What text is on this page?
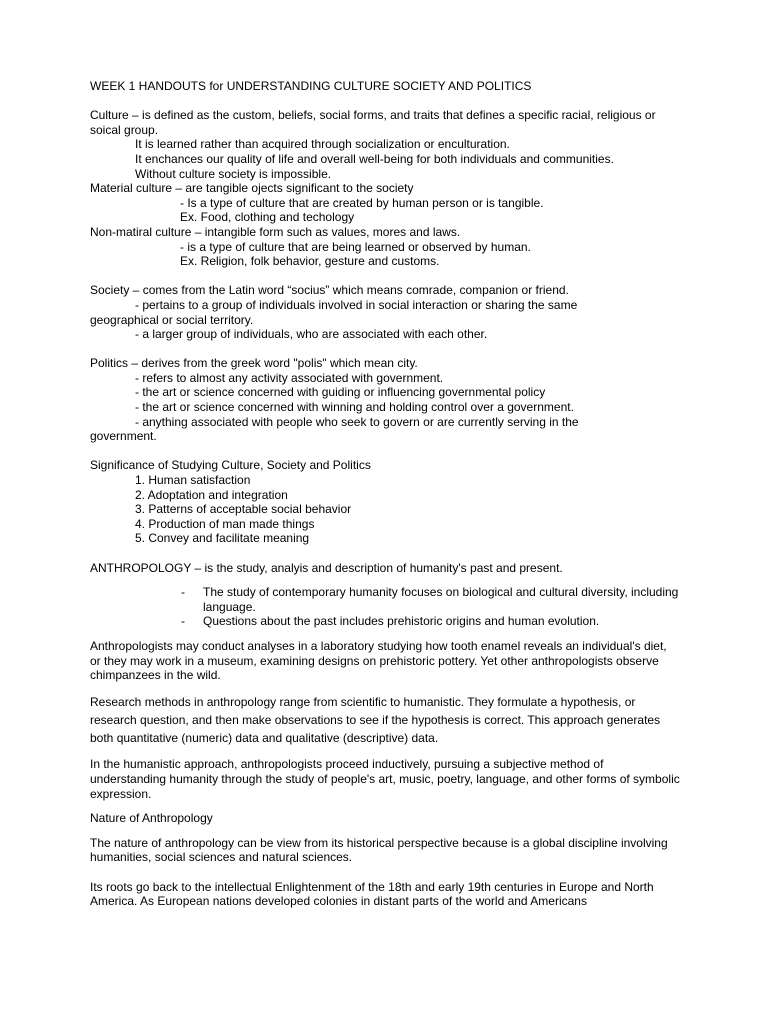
WEEK 1 HANDOUTS for UNDERSTANDING CULTURE SOCIETY AND POLITICS

Culture – is defined as the custom, beliefs, social forms, and traits that defines a specific racial, religious or soical group.

It is learned rather than acquired through socialization or enculturation.

It enchances our quality of life and overall well-being for both individuals and communities.

Without culture society is impossible.

Material culture – are tangible ojects significant to the society

- Is a type of culture that are created by human person or is tangible.

Ex. Food, clothing and techology

Non-matiral culture – intangible form such as values, mores and laws.

- is a type of culture that are being learned or observed by human.

Ex. Religion, folk behavior, gesture and customs.

Society – comes from the Latin word “socius” which means comrade, companion or friend.

- pertains to a group of individuals involved in social interaction or sharing the same

geographical or social territory.

- a larger group of individuals, who are associated with each other.

Politics – derives from the greek word "polis" which mean city.

- refers to almost any activity associated with government.

- the art or science concerned with guiding or influencing governmental policy

- the art or science concerned with winning and holding control over a government.

- anything associated with people who seek to govern or are currently serving in the

government.

Significance of Studying Culture, Society and Politics

1. Human satisfaction

2. Adoptation and integration

3. Patterns of acceptable social behavior

4. Production of man made things

5. Convey and facilitate meaning

ANTHROPOLOGY – is the study, analyis and description of humanity's past and present.

-	The study of contemporary humanity focuses on biological and cultural diversity, including language.
-	Questions about the past includes prehistoric origins and human evolution.

Anthropologists may conduct analyses in a laboratory studying how tooth enamel reveals an individual's diet, or they may work in a museum, examining designs on prehistoric pottery. Yet other anthropologists observe chimpanzees in the wild.

Research methods in anthropology range from scientific to humanistic. They formulate a hypothesis, or research question, and then make observations to see if the hypothesis is correct. This approach generates both quantitative (numeric) data and qualitative (descriptive) data.

In the humanistic approach, anthropologists proceed inductively, pursuing a subjective method of understanding humanity through the study of people's art, music, poetry, language, and other forms of symbolic expression.

Nature of Anthropology

The nature of anthropology can be view from its historical perspective because is a global discipline involving humanities, social sciences and natural sciences.

Its roots go back to the intellectual Enlightenment of the 18th and early 19th centuries in Europe and North America. As European nations developed colonies in distant parts of the world and Americans
